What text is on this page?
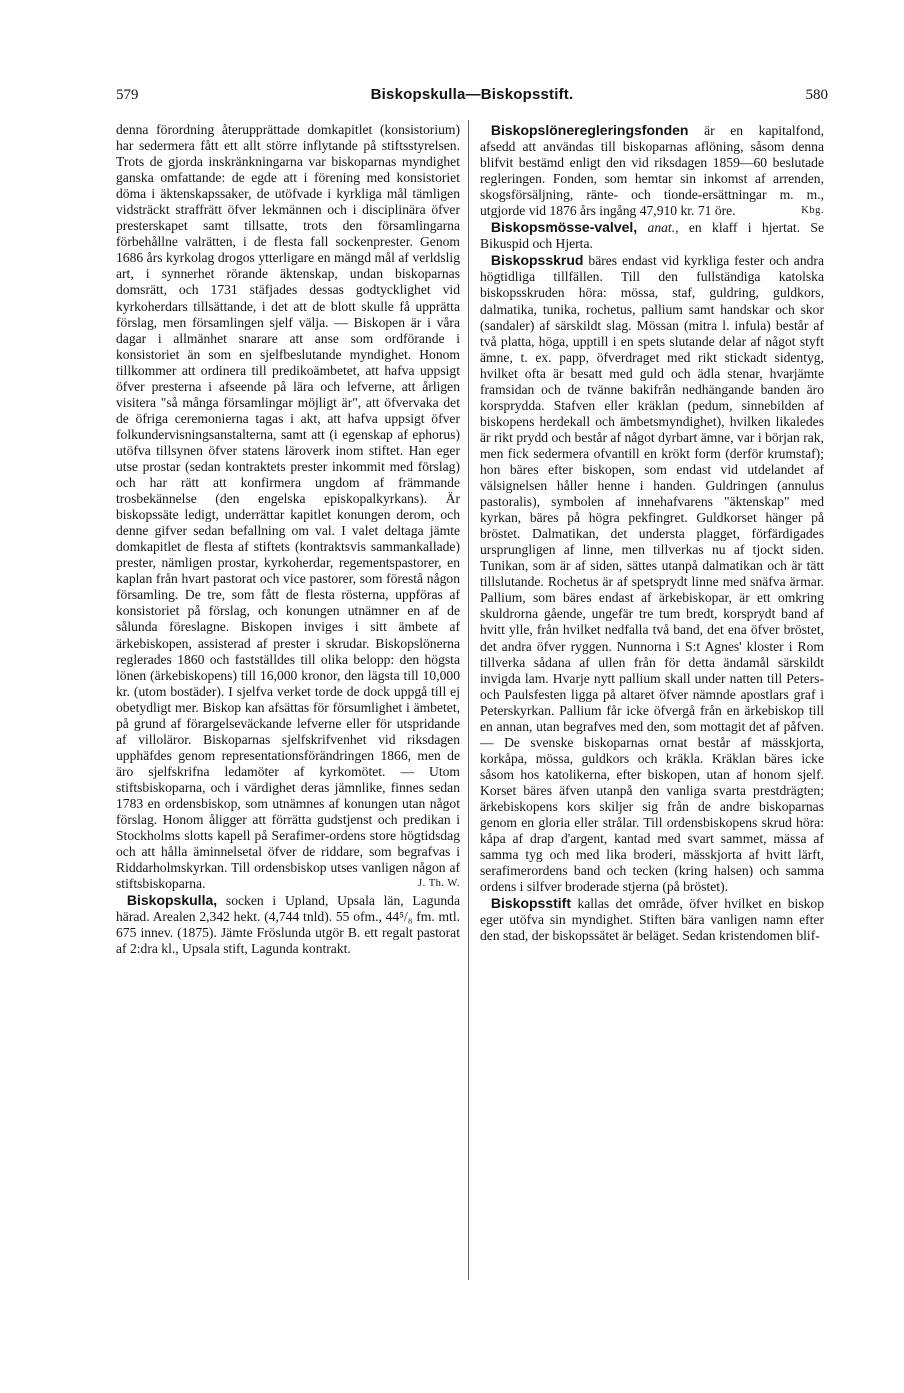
579	Biskopskulla—Biskopsstift.	580

denna förordning återupprättade domkapitlet (konsistorium) har sedermera fått ett allt större inflytande på stiftsstyrelsen. Trots de gjorda inskränkningarna var biskoparnas myndighet ganska omfattande: de egde att i förening med konsistoriet döma i äktenskapssaker, de utöfvade i kyrkliga mål tämligen vidsträckt straffrätt öfver lekmännen och i disciplinära öfver presterskapet samt tillsatte, trots den församlingarna förbehållne valrätten, i de flesta fall sockenprester. Genom 1686 års kyrkolag drogos ytterligare en mängd mål af verldslig art, i synnerhet rörande äktenskap, undan biskoparnas domsrätt, och 1731 stäfjades dessas godtycklighet vid kyrkoherdars tillsättande, i det att de blott skulle få upprätta förslag, men församlingen sjelf välja. — Biskopen är i våra dagar i allmänhet snarare att anse som ordförande i konsistoriet än som en sjelfbeslutande myndighet. Honom tillkommer att ordinera till predikoämbetet, att hafva uppsigt öfver presterna i afseende på lära och lefverne, att årligen visitera "så många församlingar möjligt är", att öfvervaka det de öfriga ceremonierna tagas i akt, att hafva uppsigt öfver folkundervisningsanstalterna, samt att (i egenskap af ephorus) utöfva tillsynen öfver statens läroverk inom stiftet. Han eger utse prostar (sedan kontraktets prester inkommit med förslag) och har rätt att konfirmera ungdom af främmande trosbekännelse (den engelska episkopalkyrkans). Är biskopssäte ledigt, underrättar kapitlet konungen derom, och denne gifver sedan befallning om val. I valet deltaga jämte domkapitlet de flesta af stiftets (kontraktsvis sammankallade) prester, nämligen prostar, kyrkoherdar, regementspastorer, en kaplan från hvart pastorat och vice pastorer, som förestå någon församling. De tre, som fått de flesta rösterna, uppföras af konsistoriet på förslag, och konungen utnämner en af de sålunda föreslagne. Biskopen inviges i sitt ämbete af ärkebiskopen, assisterad af prester i skrudar. Biskopslönerna reglerades 1860 och fastställdes till olika belopp: den högsta lönen (ärkebiskopens) till 16,000 kronor, den lägsta till 10,000 kr. (utom bostäder). I sjelfva verket torde de dock uppgå till ej obetydligt mer. Biskop kan afsättas för försumlighet i ämbetet, på grund af förargelseväckande lefverne eller för utspridande af villoläror. Biskoparnas sjelfskrifvenhet vid riksdagen upphäfdes genom representationsförändringen 1866, men de äro sjelfskrifna ledamöter af kyrkomötet. — Utom stiftsbiskoparna, och i värdighet deras jämnlike, finnes sedan 1783 en ordensbiskop, som utnämnes af konungen utan något förslag. Honom åligger att förrätta gudstjenst och predikan i Stockholms slotts kapell på Serafimer-ordens store högtidsdag och att hålla äminnelsetal öfver de riddare, som begrafvas i Riddarholmskyrkan. Till ordensbiskop utses vanligen någon af stiftsbiskoparna.	J. Th. W.

Biskopskulla, socken i Upland, Upsala län, Lagunda härad. Arealen 2,342 hekt. (4,744 tnld). 55 ofm., 44⁵/₈ fm. mtl. 675 innev. (1875). Jämte Fröslunda utgör B. ett regalt pastorat af 2:dra kl., Upsala stift, Lagunda kontrakt.

Biskopslöneregleringsfonden är en kapitalfond, afsedd att användas till biskoparnas aflöning, såsom denna blifvit bestämd enligt den vid riksdagen 1859—60 beslutade regleringen. Fonden, som hemtar sin inkomst af arrenden, skogsförsäljning, ränte- och tionde-ersättningar m. m., utgjorde vid 1876 års ingång 47,910 kr. 71 öre.	Kbg.

Biskopsmösse-valvel, anat., en klaff i hjertat. Se Bikuspid och Hjerta.

Biskopsskrud bäres endast vid kyrkliga fester och andra högtidliga tillfällen. Till den fullständiga katolska biskopsskruden höra: mössa, staf, guldring, guldkors, dalmatika, tunika, rochetus, pallium samt handskar och skor (sandaler) af särskildt slag. Mössan (mitra l. infula) består af två platta, höga, upptill i en spets slutande delar af något styft ämne, t. ex. papp, öfverdraget med rikt stickadt sidentyg, hvilket ofta är besatt med guld och ädla stenar, hvarjämte framsidan och de tvänne bakifrån nedhängande banden äro korsprydda. Stafven eller kräklan (pedum, sinnebilden af biskopens herdekall och ämbetsmyndighet), hvilken likaledes är rikt prydd och består af något dyrbart ämne, var i början rak, men fick sedermera ofvantill en krökt form (derför krumstaf); hon bäres efter biskopen, som endast vid utdelandet af välsignelsen håller henne i handen. Guldringen (annulus pastoralis), symbolen af innehafvarens "äktenskap" med kyrkan, bäres på högra pekfingret. Guldkorset hänger på bröstet. Dalmatikan, det understa plagget, förfärdigades ursprungligen af linne, men tillverkas nu af tjockt siden. Tunikan, som är af siden, sättes utanpå dalmatikan och är tätt tillslutande. Rochetus är af spetsprydt linne med snäfva ärmar. Pallium, som bäres endast af ärkebiskopar, är ett omkring skuldrorna gående, ungefär tre tum bredt, korsprydt band af hvitt ylle, från hvilket nedfalla två band, det ena öfver bröstet, det andra öfver ryggen. Nunnorna i S:t Agnes' kloster i Rom tillverka sådana af ullen från för detta ändamål särskildt invigda lam. Hvarje nytt pallium skall under natten till Peters- och Paulsfesten ligga på altaret öfver nämnde apostlars graf i Peterskyrkan. Pallium får icke öfvergå från en ärkebiskop till en annan, utan begrafves med den, som mottagit det af påfven. — De svenske biskoparnas ornat består af mässkjorta, korkåpa, mössa, guldkors och kräkla. Kräklan bäres icke såsom hos katolikerna, efter biskopen, utan af honom sjelf. Korset bäres äfven utanpå den vanliga svarta prestdrägten; ärkebiskopens kors skiljer sig från de andre biskoparnas genom en gloria eller strålar. Till ordensbiskopens skrud höra: kåpa af drap d'argent, kantad med svart sammet, mässa af samma tyg och med lika broderi, mässkjorta af hvitt lärft, serafimerordens band och tecken (kring halsen) och samma ordens i silfver broderade stjerna (på bröstet).

Biskopsstift kallas det område, öfver hvilket en biskop eger utöfva sin myndighet. Stiften bära vanligen namn efter den stad, der biskopssätet är beläget. Sedan kristendomen blif-
